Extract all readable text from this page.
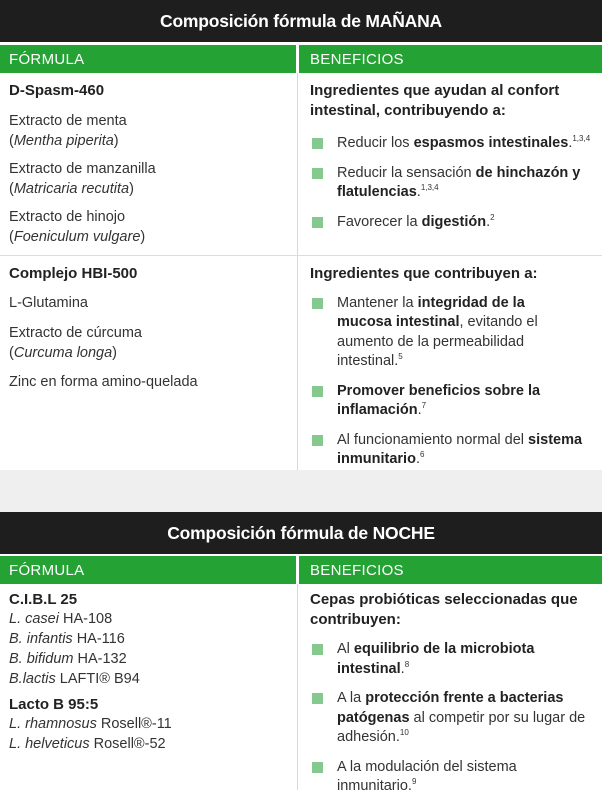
Composición fórmula de MAÑANA
FÓRMULA	BENEFICIOS
D-Spasm-460
Extracto de menta
(Mentha piperita)
Extracto de manzanilla
(Matricaria recutita)
Extracto de hinojo
(Foeniculum vulgare)
Ingredientes que ayudan al confort intestinal, contribuyendo a:
Reducir los espasmos intestinales.$^{1,3,4}$
Reducir la sensación de hinchazón y flatulencias.$^{1,3,4}$
Favorecer la digestión.$^2$
Complejo HBI-500
L-Glutamina
Extracto de cúrcuma
(Curcuma longa)
Zinc en forma amino-quelada
Ingredientes que contribuyen a:
Mantener la integridad de la mucosa intestinal, evitando el aumento de la permeabilidad intestinal.$^5$
Promover beneficios sobre la inflamación.$^7$
Al funcionamiento normal del sistema inmunitario.$^6$
Composición fórmula de NOCHE
FÓRMULA	BENEFICIOS
C.I.B.L 25
L. casei HA-108
B. infantis HA-116
B. bifidum HA-132
B.lactis LAFTI® B94
Lacto B 95:5
L. rhamnosus Rosell®-11
L. helveticus Rosell®-52
Cepas probióticas seleccionadas que contribuyen:
Al equilibrio de la microbiota intestinal.$^8$
A la protección frente a bacterias patógenas al competir por su lugar de adhesión.$^{10}$
A la modulación del sistema inmunitario.$^9$
